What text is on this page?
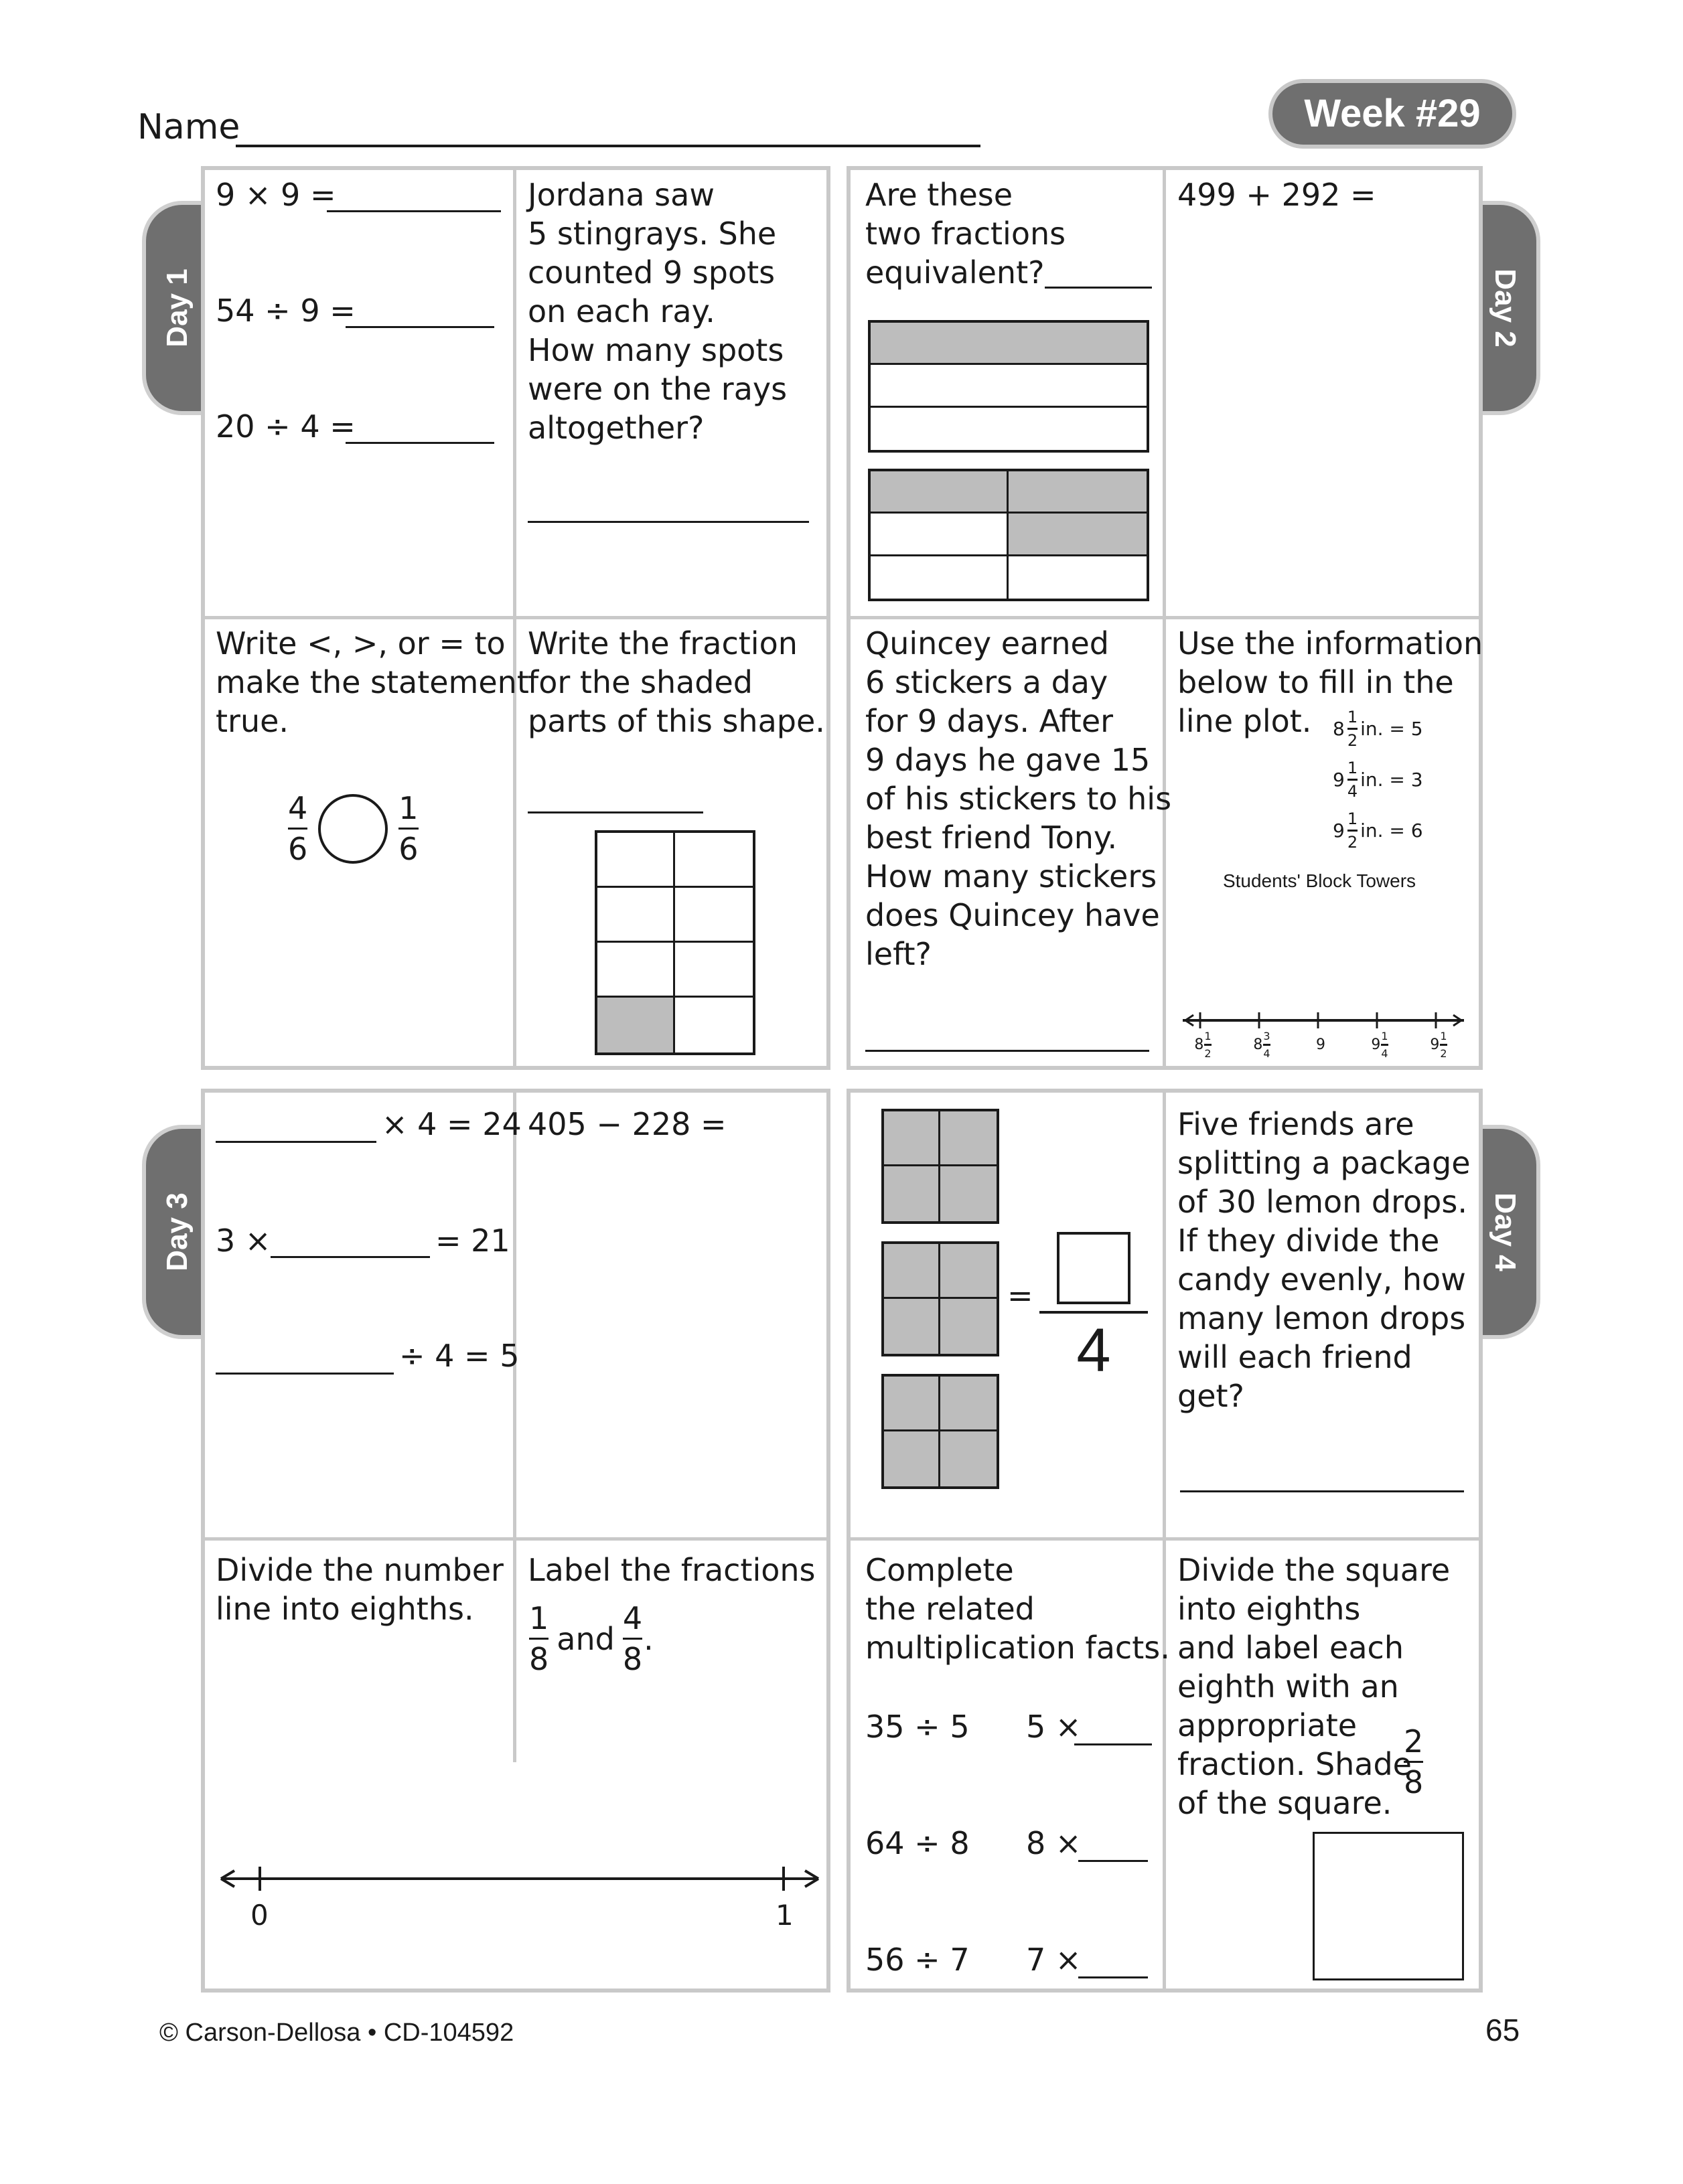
Name	Week #29
Day 1	Day 2
Day 3	Day 4
9 × 9 =
54 ÷ 9 =
20 ÷ 4 =
Jordana saw
5 stingrays. She
counted 9 spots
on each ray.
How many spots
were on the rays
altogether?
Write <, >, or = to
make the statement
true.
$\frac{4}{6}$	$\frac{1}{6}$
Write the fraction
for the shaded
parts of this shape.
Are these
two fractions
equivalent?
499 + 292 =
Quincey earned
6 stickers a day
for 9 days. After
9 days he gave 15
of his stickers to his
best friend Tony.
How many stickers
does Quincey have
left?
Use the information
below to fill in the
line plot.	$8 \frac{1}{2}$ in. = 5
$9 \frac{1}{4}$ in. = 3
$9 \frac{1}{2}$ in. = 6
Students' Block Towers
$8 \frac{1}{2}$	$8 \frac{3}{4}$	9	$9 \frac{1}{4}$	$9 \frac{1}{2}$
× 4 = 24
3 ×	= 21
÷ 4 = 5
405 − 228 =
Divide the number
line into eighths.
Label the fractions
$\frac{1}{8}$ and $\frac{4}{8}$ .
0	1
=
4
Five friends are
splitting a package
of 30 lemon drops.
If they divide the
candy evenly, how
many lemon drops
will each friend
get?
Complete
the related
multiplication facts.
35 ÷ 5 5 ×
64 ÷ 8 8 ×
56 ÷ 7 7 ×
Divide the square
into eighths
and label each
eighth with an
appropriate
fraction. Shade
2
8
of the square.
© Carson-Dellosa • CD-104592	65
